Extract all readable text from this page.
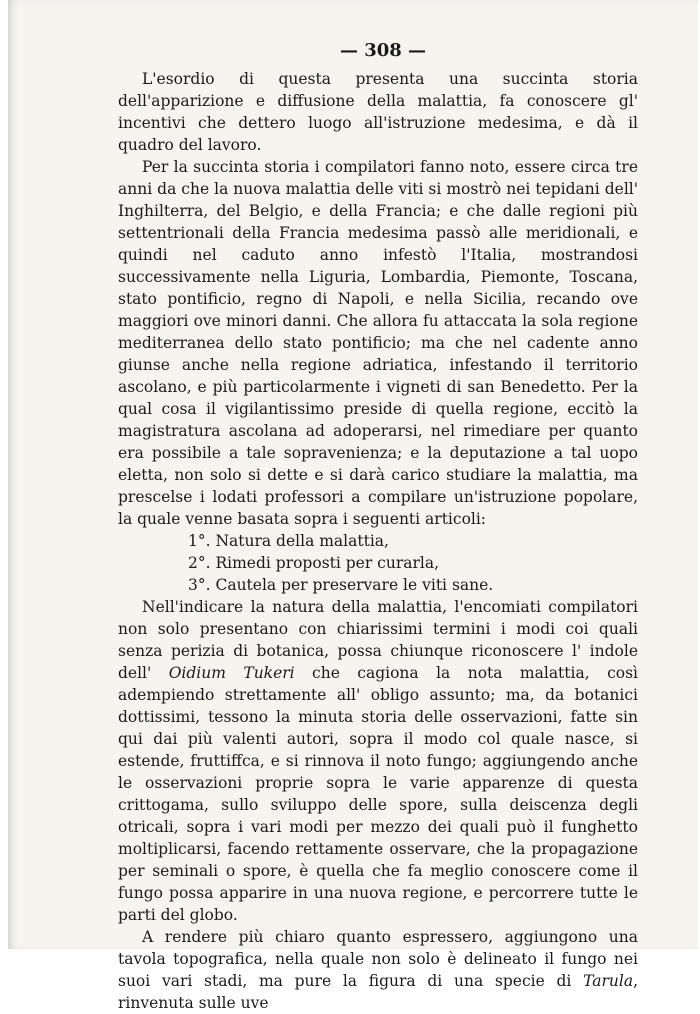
— 308 —

L'esordio di questa presenta una succinta storia dell'apparizione e diffusione della malattia, fa conoscere gl' incentivi che dettero luogo all'istruzione medesima, e dà il quadro del lavoro.

Per la succinta storia i compilatori fanno noto, essere circa tre anni da che la nuova malattia delle viti si mostrò nei tepidani dell' Inghilterra, del Belgio, e della Francia; e che dalle regioni più settentrionali della Francia medesima passò alle meridionali, e quindi nel caduto anno infestò l'Italia, mostrandosi successivamente nella Liguria, Lombardia, Piemonte, Toscana, stato pontificio, regno di Napoli, e nella Sicilia, recando ove maggiori ove minori danni. Che allora fu attaccata la sola regione mediterranea dello stato pontificio; ma che nel cadente anno giunse anche nella regione adriatica, infestando il territorio ascolano, e più particolarmente i vigneti di san Benedetto. Per la qual cosa il vigilantissimo preside di quella regione, eccitò la magistratura ascolana ad adoperarsi, nel rimediare per quanto era possibile a tale sopravenienza; e la deputazione a tal uopo eletta, non solo si dette e si darà carico studiare la malattia, ma prescelse i lodati professori a compilare un'istruzione popolare, la quale venne basata sopra i seguenti articoli:

1°. Natura della malattia,
2°. Rimedi proposti per curarla,
3°. Cautela per preservare le viti sane.

Nell'indicare la natura della malattia, l'encomiati compilatori non solo presentano con chiarissimi termini i modi coi quali senza perizia di botanica, possa chiunque riconoscere l' indole dell' Oidium Tukeri che cagiona la nota malattia, così adempiendo strettamente all' obligo assunto; ma, da botanici dottissimi, tessono la minuta storia delle osservazioni, fatte sin qui dai più valenti autori, sopra il modo col quale nasce, si estende, fruttiffca, e si rinnova il noto fungo; aggiungendo anche le osservazioni proprie sopra le varie apparenze di questa crittogama, sullo sviluppo delle spore, sulla deiscenza degli otricali, sopra i vari modi per mezzo dei quali può il funghetto moltiplicarsi, facendo rettamente osservare, che la propagazione per seminali o spore, è quella che fa meglio conoscere come il fungo possa apparire in una nuova regione, e percorrere tutte le parti del globo.

A rendere più chiaro quanto espressero, aggiungono una tavola topografica, nella quale non solo è delineato il fungo nei suoi vari stadi, ma pure la figura di una specie di Tarula, rinvenuta sulle uve
